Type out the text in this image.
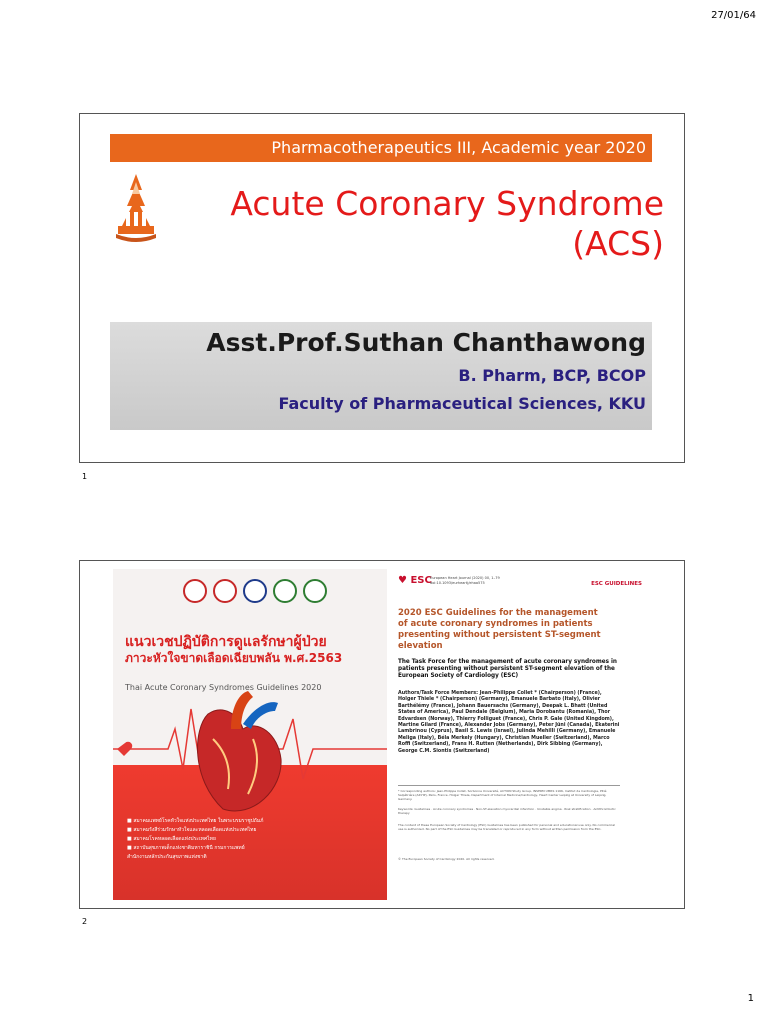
27/01/64
Pharmacotherapeutics III, Academic year 2020
Acute Coronary Syndrome
(ACS)
Asst.Prof.Suthan Chanthawong
B. Pharm, BCP, BCOP
Faculty of Pharmaceutical Sciences, KKU
1
แนวเวชปฏิบัติการดูแลรักษาผู้ป่วย
ภาวะหัวใจขาดเลือดเฉียบพลัน พ.ศ.2563
Thai Acute Coronary Syndromes Guidelines 2020
■ สมาคมแพทย์โรคหัวใจแห่งประเทศไทย ในพระบรมราชูปถัมภ์
■ สมาคมรังสีร่วมรักษาหัวใจและหลอดเลือดแห่งประเทศไทย
■ สมาคมโรคหลอดเลือดแห่งประเทศไทย
■ สถาบันสุขภาพเด็กแห่งชาติมหาราชินี กรมการแพทย์
สำนักงานหลักประกันสุขภาพแห่งชาติ
♥ ESC
European Heart Journal (2020) 00, 1–79
doi:10.1093/eurheartj/ehaa575	ESC GUIDELINES
2020 ESC Guidelines for the management of acute coronary syndromes in patients presenting without persistent ST-segment elevation
The Task Force for the management of acute coronary syndromes in patients presenting without persistent ST-segment elevation of the European Society of Cardiology (ESC)
Authors/Task Force Members: Jean-Philippe Collet * (Chairperson) (France), Holger Thiele * (Chairperson) (Germany), Emanuele Barbato (Italy), Olivier Barthélémy (France), Johann Bauersachs (Germany), Deepak L. Bhatt (United States of America), Paul Dendale (Belgium), Maria Dorobantu (Romania), Thor Edvardsen (Norway), Thierry Folliguet (France), Chris P. Gale (United Kingdom), Martine Gilard (France), Alexander Jobs (Germany), Peter Jüni (Canada), Ekaterini Lambrinou (Cyprus), Basil S. Lewis (Israel), Julinda Mehilli (Germany), Emanuele Meliga (Italy), Béla Merkely (Hungary), Christian Mueller (Switzerland), Marco Roffi (Switzerland), Frans H. Rutten (Netherlands), Dirk Sibbing (Germany), George C.M. Siontis (Switzerland)
* Corresponding authors: Jean-Philippe Collet, Sorbonne Université, ACTION Study Group, INSERM UMRS 1166, Institut de Cardiologie, Pitié Salpêtrière (AP-HP), Paris, France. Holger Thiele, Department of Internal Medicine/Cardiology, Heart Center Leipzig at University of Leipzig, Germany.
Keywords: Guidelines · Acute coronary syndromes · Non-ST-elevation myocardial infarction · Unstable angina · Risk stratification · Antithrombotic therapy
The content of these European Society of Cardiology (ESC) Guidelines has been published for personal and educational use only. No commercial use is authorized. No part of the ESC Guidelines may be translated or reproduced in any form without written permission from the ESC.
© The European Society of Cardiology 2020. All rights reserved.
2
1
